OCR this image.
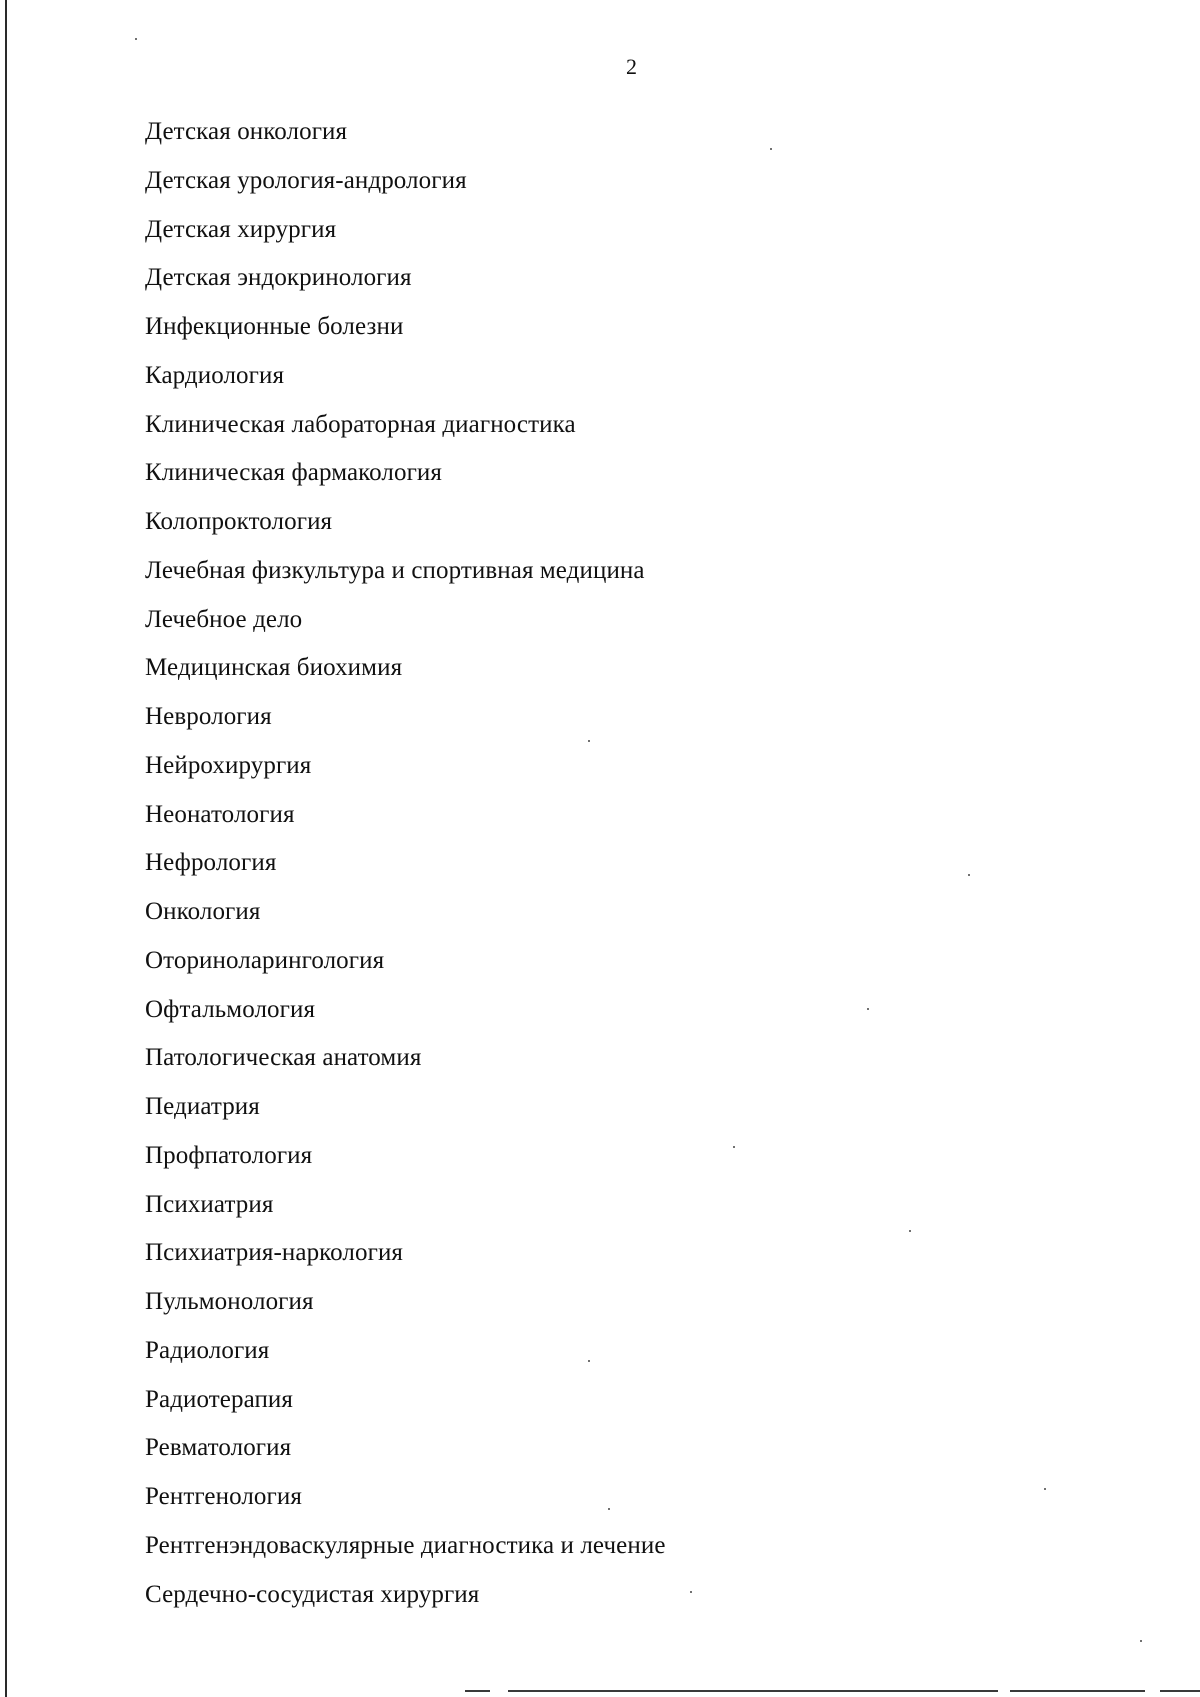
2
Детская онкология
Детская урология-андрология
Детская хирургия
Детская эндокринология
Инфекционные болезни
Кардиология
Клиническая лабораторная диагностика
Клиническая фармакология
Колопроктология
Лечебная физкультура и спортивная медицина
Лечебное дело
Медицинская биохимия
Неврология
Нейрохирургия
Неонатология
Нефрология
Онкология
Оториноларингология
Офтальмология
Патологическая анатомия
Педиатрия
Профпатология
Психиатрия
Психиатрия-наркология
Пульмонология
Радиология
Радиотерапия
Ревматология
Рентгенология
Рентгенэндоваскулярные диагностика и лечение
Сердечно-сосудистая хирургия
